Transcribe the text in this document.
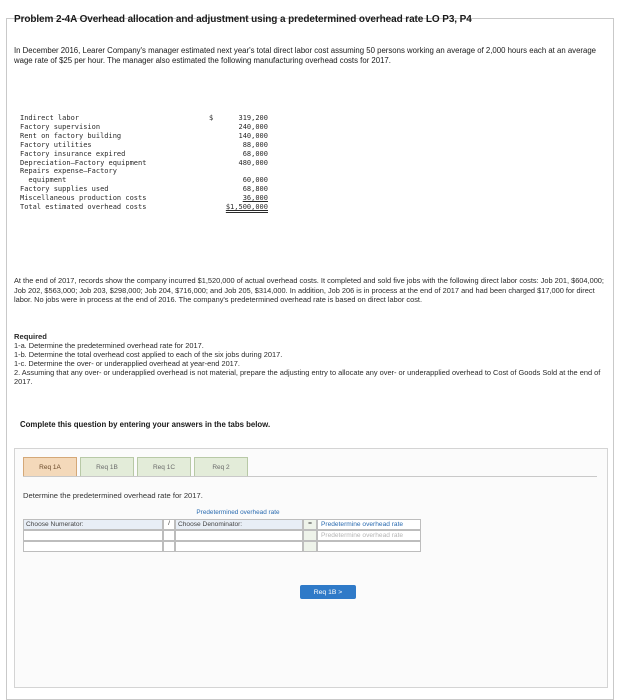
Problem 2-4A Overhead allocation and adjustment using a predetermined overhead rate LO P3, P4
In December 2016, Learer Company's manager estimated next year's total direct labor cost assuming 50 persons working an average of 2,000 hours each at an average wage rate of $25 per hour. The manager also estimated the following manufacturing overhead costs for 2017.
Indirect labor	$	319,200
Factory supervision	240,000
Rent on factory building	140,000
Factory utilities	88,000
Factory insurance expired	68,000
Depreciation—Factory equipment	480,000
Repairs expense—Factory
equipment	60,000
Factory supplies used	68,800
Miscellaneous production costs	36,000
Total estimated overhead costs	$1,500,000
At the end of 2017, records show the company incurred $1,520,000 of actual overhead costs. It completed and sold five jobs with the following direct labor costs: Job 201, $604,000; Job 202, $563,000; Job 203, $298,000; Job 204, $716,000; and Job 205, $314,000. In addition, Job 206 is in process at the end of 2017 and had been charged $17,000 for direct labor. No jobs were in process at the end of 2016. The company's predetermined overhead rate is based on direct labor cost.
Required
1-a. Determine the predetermined overhead rate for 2017.
1-b. Determine the total overhead cost applied to each of the six jobs during 2017.
1-c. Determine the over- or underapplied overhead at year-end 2017.
2. Assuming that any over- or underapplied overhead is not material, prepare the adjusting entry to allocate any over- or underapplied overhead to Cost of Goods Sold at the end of 2017.
Complete this question by entering your answers in the tabs below.
Req 1A	Req 1B	Req 1C	Req 2
Determine the predetermined overhead rate for 2017.
Predetermined overhead rate
Choose Numerator:	/	Choose Denominator:	=	Predetermine overhead rate
Predetermine overhead rate
Req 1B >
